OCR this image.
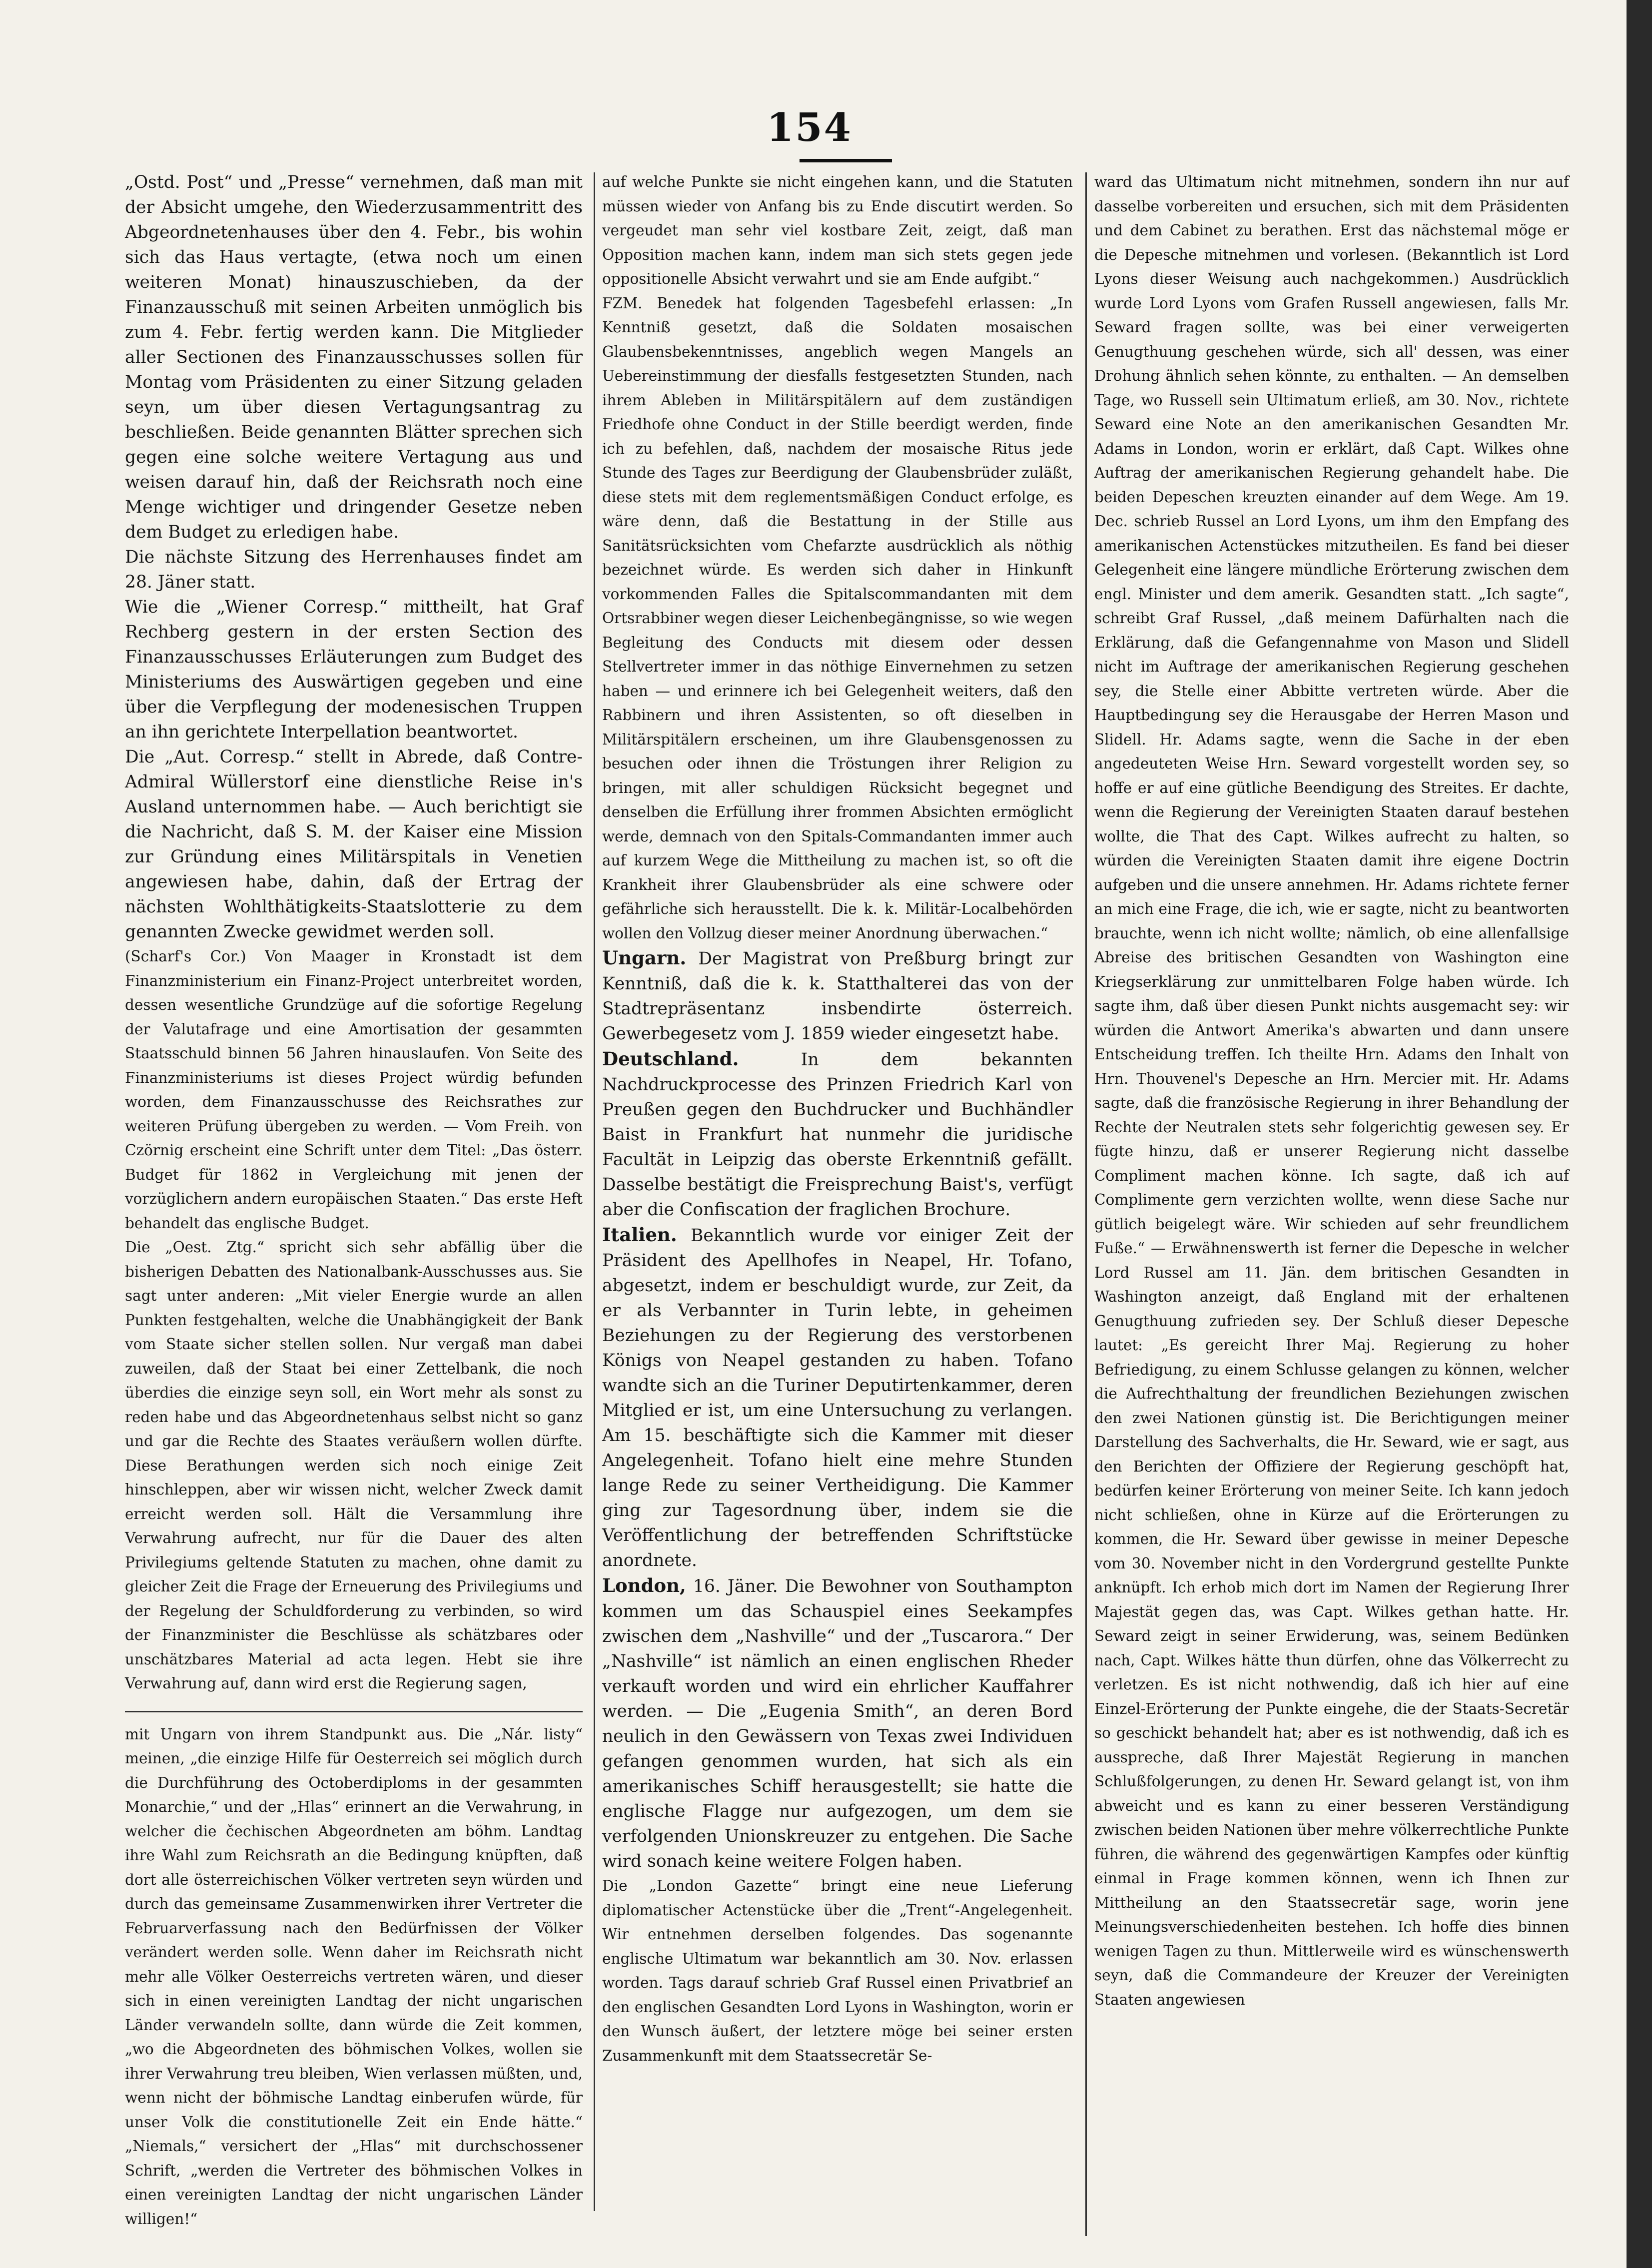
154

„Ostd. Post“ und „Presse“ vernehmen, daß man mit der Absicht umgehe, den Wiederzusammentritt des Abgeordnetenhauses über den 4. Febr., bis wohin sich das Haus vertagte, (etwa noch um einen weiteren Monat) hinauszuschieben, da der Finanzausschuß mit seinen Arbeiten unmöglich bis zum 4. Febr. fertig werden kann. Die Mitglieder aller Sectionen des Finanzausschusses sollen für Montag vom Präsidenten zu einer Sitzung geladen seyn, um über diesen Vertagungsantrag zu beschließen. Beide genannten Blätter sprechen sich gegen eine solche weitere Vertagung aus und weisen darauf hin, daß der Reichsrath noch eine Menge wichtiger und dringender Gesetze neben dem Budget zu erledigen habe.

Die nächste Sitzung des Herrenhauses findet am 28. Jäner statt.

Wie die „Wiener Corresp.“ mittheilt, hat Graf Rechberg gestern in der ersten Section des Finanzausschusses Erläuterungen zum Budget des Ministeriums des Auswärtigen gegeben und eine über die Verpflegung der modenesischen Truppen an ihn gerichtete Interpellation beantwortet.

Die „Aut. Corresp.“ stellt in Abrede, daß Contre-Admiral Wüllerstorf eine dienstliche Reise in's Ausland unternommen habe. — Auch berichtigt sie die Nachricht, daß S. M. der Kaiser eine Mission zur Gründung eines Militärspitals in Venetien angewiesen habe, dahin, daß der Ertrag der nächsten Wohlthätigkeits-Staatslotterie zu dem genannten Zwecke gewidmet werden soll.

(Scharf's Cor.) Von Maager in Kronstadt ist dem Finanzministerium ein Finanz-Project unterbreitet worden, dessen wesentliche Grundzüge auf die sofortige Regelung der Valutafrage und eine Amortisation der gesammten Staatsschuld binnen 56 Jahren hinauslaufen. Von Seite des Finanzministeriums ist dieses Project würdig befunden worden, dem Finanzausschusse des Reichsrathes zur weiteren Prüfung übergeben zu werden. — Vom Freih. von Czörnig erscheint eine Schrift unter dem Titel: „Das österr. Budget für 1862 in Vergleichung mit jenen der vorzüglichern andern europäischen Staaten.“ Das erste Heft behandelt das englische Budget.

Die „Oest. Ztg.“ spricht sich sehr abfällig über die bisherigen Debatten des Nationalbank-Ausschusses aus. Sie sagt unter anderen: „Mit vieler Energie wurde an allen Punkten festgehalten, welche die Unabhängigkeit der Bank vom Staate sicher stellen sollen. Nur vergaß man dabei zuweilen, daß der Staat bei einer Zettelbank, die noch überdies die einzige seyn soll, ein Wort mehr als sonst zu reden habe und das Abgeordnetenhaus selbst nicht so ganz und gar die Rechte des Staates veräußern wollen dürfte. Diese Berathungen werden sich noch einige Zeit hinschleppen, aber wir wissen nicht, welcher Zweck damit erreicht werden soll. Hält die Versammlung ihre Verwahrung aufrecht, nur für die Dauer des alten Privilegiums geltende Statuten zu machen, ohne damit zu gleicher Zeit die Frage der Erneuerung des Privilegiums und der Regelung der Schuldforderung zu verbinden, so wird der Finanzminister die Beschlüsse als schätzbares oder unschätzbares Material ad acta legen. Hebt sie ihre Verwahrung auf, dann wird erst die Regierung sagen,

mit Ungarn von ihrem Standpunkt aus. Die „Nár. listy“ meinen, „die einzige Hilfe für Oesterreich sei möglich durch die Durchführung des Octoberdiploms in der gesammten Monarchie,“ und der „Hlas“ erinnert an die Verwahrung, in welcher die čechischen Abgeordneten am böhm. Landtag ihre Wahl zum Reichsrath an die Bedingung knüpften, daß dort alle österreichischen Völker vertreten seyn würden und durch das gemeinsame Zusammenwirken ihrer Vertreter die Februarverfassung nach den Bedürfnissen der Völker verändert werden solle. Wenn daher im Reichsrath nicht mehr alle Völker Oesterreichs vertreten wären, und dieser sich in einen vereinigten Landtag der nicht ungarischen Länder verwandeln sollte, dann würde die Zeit kommen, „wo die Abgeordneten des böhmischen Volkes, wollen sie ihrer Verwahrung treu bleiben, Wien verlassen müßten, und, wenn nicht der böhmische Landtag einberufen würde, für unser Volk die constitutionelle Zeit ein Ende hätte.“ „Niemals,“ versichert der „Hlas“ mit durchschossener Schrift, „werden die Vertreter des böhmischen Volkes in einen vereinigten Landtag der nicht ungarischen Länder willigen!“

auf welche Punkte sie nicht eingehen kann, und die Statuten müssen wieder von Anfang bis zu Ende discutirt werden. So vergeudet man sehr viel kostbare Zeit, zeigt, daß man Opposition machen kann, indem man sich stets gegen jede oppositionelle Absicht verwahrt und sie am Ende aufgibt.“

FZM. Benedek hat folgenden Tagesbefehl erlassen: „In Kenntniß gesetzt, daß die Soldaten mosaischen Glaubensbekenntnisses, angeblich wegen Mangels an Uebereinstimmung der diesfalls festgesetzten Stunden, nach ihrem Ableben in Militärspitälern auf dem zuständigen Friedhofe ohne Conduct in der Stille beerdigt werden, finde ich zu befehlen, daß, nachdem der mosaische Ritus jede Stunde des Tages zur Beerdigung der Glaubensbrüder zuläßt, diese stets mit dem reglementsmäßigen Conduct erfolge, es wäre denn, daß die Bestattung in der Stille aus Sanitätsrücksichten vom Chefarzte ausdrücklich als nöthig bezeichnet würde. Es werden sich daher in Hinkunft vorkommenden Falles die Spitalscommandanten mit dem Ortsrabbiner wegen dieser Leichenbegängnisse, so wie wegen Begleitung des Conducts mit diesem oder dessen Stellvertreter immer in das nöthige Einvernehmen zu setzen haben — und erinnere ich bei Gelegenheit weiters, daß den Rabbinern und ihren Assistenten, so oft dieselben in Militärspitälern erscheinen, um ihre Glaubensgenossen zu besuchen oder ihnen die Tröstungen ihrer Religion zu bringen, mit aller schuldigen Rücksicht begegnet und denselben die Erfüllung ihrer frommen Absichten ermöglicht werde, demnach von den Spitals-Commandanten immer auch auf kurzem Wege die Mittheilung zu machen ist, so oft die Krankheit ihrer Glaubensbrüder als eine schwere oder gefährliche sich herausstellt. Die k. k. Militär-Localbehörden wollen den Vollzug dieser meiner Anordnung überwachen.“

Ungarn. Der Magistrat von Preßburg bringt zur Kenntniß, daß die k. k. Statthalterei das von der Stadtrepräsentanz insbendirte österreich. Gewerbegesetz vom J. 1859 wieder eingesetzt habe.

Deutschland. In dem bekannten Nachdruckprocesse des Prinzen Friedrich Karl von Preußen gegen den Buchdrucker und Buchhändler Baist in Frankfurt hat nunmehr die juridische Facultät in Leipzig das oberste Erkenntniß gefällt. Dasselbe bestätigt die Freisprechung Baist's, verfügt aber die Confiscation der fraglichen Brochure.

Italien. Bekanntlich wurde vor einiger Zeit der Präsident des Apellhofes in Neapel, Hr. Tofano, abgesetzt, indem er beschuldigt wurde, zur Zeit, da er als Verbannter in Turin lebte, in geheimen Beziehungen zu der Regierung des verstorbenen Königs von Neapel gestanden zu haben. Tofano wandte sich an die Turiner Deputirtenkammer, deren Mitglied er ist, um eine Untersuchung zu verlangen. Am 15. beschäftigte sich die Kammer mit dieser Angelegenheit. Tofano hielt eine mehre Stunden lange Rede zu seiner Vertheidigung. Die Kammer ging zur Tagesordnung über, indem sie die Veröffentlichung der betreffenden Schriftstücke anordnete.

London, 16. Jäner. Die Bewohner von Southampton kommen um das Schauspiel eines Seekampfes zwischen dem „Nashville“ und der „Tuscarora.“ Der „Nashville“ ist nämlich an einen englischen Rheder verkauft worden und wird ein ehrlicher Kauffahrer werden. — Die „Eugenia Smith“, an deren Bord neulich in den Gewässern von Texas zwei Individuen gefangen genommen wurden, hat sich als ein amerikanisches Schiff herausgestellt; sie hatte die englische Flagge nur aufgezogen, um dem sie verfolgenden Unionskreuzer zu entgehen. Die Sache wird sonach keine weitere Folgen haben.

Die „London Gazette“ bringt eine neue Lieferung diplomatischer Actenstücke über die „Trent“-Angelegenheit. Wir entnehmen derselben folgendes. Das sogenannte englische Ultimatum war bekanntlich am 30. Nov. erlassen worden. Tags darauf schrieb Graf Russel einen Privatbrief an den englischen Gesandten Lord Lyons in Washington, worin er den Wunsch äußert, der letztere möge bei seiner ersten Zusammenkunft mit dem Staatssecretär Se-

ward das Ultimatum nicht mitnehmen, sondern ihn nur auf dasselbe vorbereiten und ersuchen, sich mit dem Präsidenten und dem Cabinet zu berathen. Erst das nächstemal möge er die Depesche mitnehmen und vorlesen. (Bekanntlich ist Lord Lyons dieser Weisung auch nachgekommen.) Ausdrücklich wurde Lord Lyons vom Grafen Russell angewiesen, falls Mr. Seward fragen sollte, was bei einer verweigerten Genugthuung geschehen würde, sich all' dessen, was einer Drohung ähnlich sehen könnte, zu enthalten. — An demselben Tage, wo Russell sein Ultimatum erließ, am 30. Nov., richtete Seward eine Note an den amerikanischen Gesandten Mr. Adams in London, worin er erklärt, daß Capt. Wilkes ohne Auftrag der amerikanischen Regierung gehandelt habe. Die beiden Depeschen kreuzten einander auf dem Wege. Am 19. Dec. schrieb Russel an Lord Lyons, um ihm den Empfang des amerikanischen Actenstückes mitzutheilen. Es fand bei dieser Gelegenheit eine längere mündliche Erörterung zwischen dem engl. Minister und dem amerik. Gesandten statt. „Ich sagte“, schreibt Graf Russel, „daß meinem Dafürhalten nach die Erklärung, daß die Gefangennahme von Mason und Slidell nicht im Auftrage der amerikanischen Regierung geschehen sey, die Stelle einer Abbitte vertreten würde. Aber die Hauptbedingung sey die Herausgabe der Herren Mason und Slidell. Hr. Adams sagte, wenn die Sache in der eben angedeuteten Weise Hrn. Seward vorgestellt worden sey, so hoffe er auf eine gütliche Beendigung des Streites. Er dachte, wenn die Regierung der Vereinigten Staaten darauf bestehen wollte, die That des Capt. Wilkes aufrecht zu halten, so würden die Vereinigten Staaten damit ihre eigene Doctrin aufgeben und die unsere annehmen. Hr. Adams richtete ferner an mich eine Frage, die ich, wie er sagte, nicht zu beantworten brauchte, wenn ich nicht wollte; nämlich, ob eine allenfallsige Abreise des britischen Gesandten von Washington eine Kriegserklärung zur unmittelbaren Folge haben würde. Ich sagte ihm, daß über diesen Punkt nichts ausgemacht sey: wir würden die Antwort Amerika's abwarten und dann unsere Entscheidung treffen. Ich theilte Hrn. Adams den Inhalt von Hrn. Thouvenel's Depesche an Hrn. Mercier mit. Hr. Adams sagte, daß die französische Regierung in ihrer Behandlung der Rechte der Neutralen stets sehr folgerichtig gewesen sey. Er fügte hinzu, daß er unserer Regierung nicht dasselbe Compliment machen könne. Ich sagte, daß ich auf Complimente gern verzichten wollte, wenn diese Sache nur gütlich beigelegt wäre. Wir schieden auf sehr freundlichem Fuße.“ — Erwähnenswerth ist ferner die Depesche in welcher Lord Russel am 11. Jän. dem britischen Gesandten in Washington anzeigt, daß England mit der erhaltenen Genugthuung zufrieden sey. Der Schluß dieser Depesche lautet: „Es gereicht Ihrer Maj. Regierung zu hoher Befriedigung, zu einem Schlusse gelangen zu können, welcher die Aufrechthaltung der freundlichen Beziehungen zwischen den zwei Nationen günstig ist. Die Berichtigungen meiner Darstellung des Sachverhalts, die Hr. Seward, wie er sagt, aus den Berichten der Offiziere der Regierung geschöpft hat, bedürfen keiner Erörterung von meiner Seite. Ich kann jedoch nicht schließen, ohne in Kürze auf die Erörterungen zu kommen, die Hr. Seward über gewisse in meiner Depesche vom 30. November nicht in den Vordergrund gestellte Punkte anknüpft. Ich erhob mich dort im Namen der Regierung Ihrer Majestät gegen das, was Capt. Wilkes gethan hatte. Hr. Seward zeigt in seiner Erwiderung, was, seinem Bedünken nach, Capt. Wilkes hätte thun dürfen, ohne das Völkerrecht zu verletzen. Es ist nicht nothwendig, daß ich hier auf eine Einzel-Erörterung der Punkte eingehe, die der Staats-Secretär so geschickt behandelt hat; aber es ist nothwendig, daß ich es ausspreche, daß Ihrer Majestät Regierung in manchen Schlußfolgerungen, zu denen Hr. Seward gelangt ist, von ihm abweicht und es kann zu einer besseren Verständigung zwischen beiden Nationen über mehre völkerrechtliche Punkte führen, die während des gegenwärtigen Kampfes oder künftig einmal in Frage kommen können, wenn ich Ihnen zur Mittheilung an den Staatssecretär sage, worin jene Meinungsverschiedenheiten bestehen. Ich hoffe dies binnen wenigen Tagen zu thun. Mittlerweile wird es wünschenswerth seyn, daß die Commandeure der Kreuzer der Vereinigten Staaten angewiesen
